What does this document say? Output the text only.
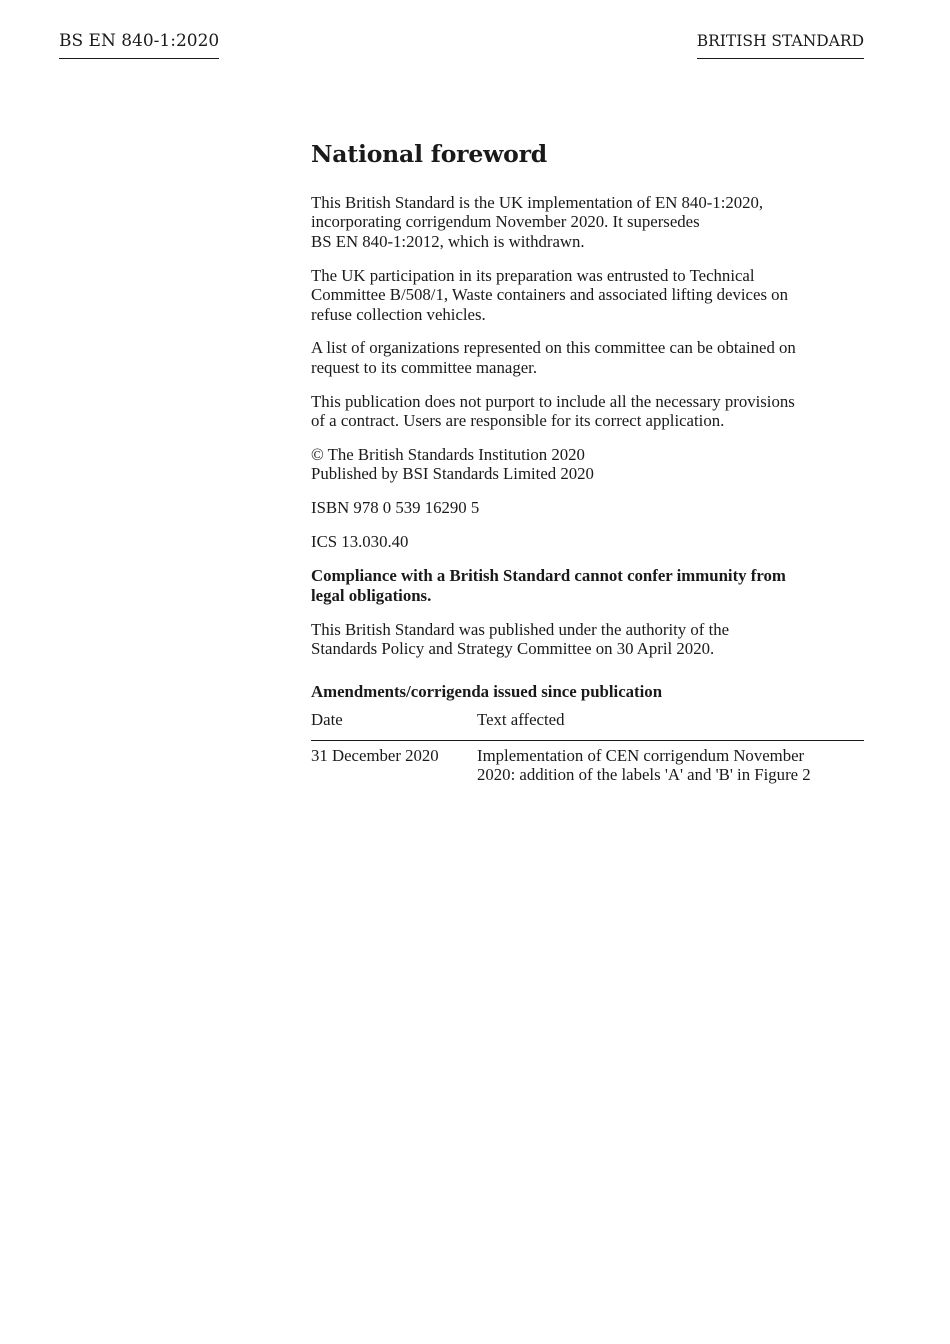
BS EN 840-1:2020	BRITISH STANDARD
National foreword
This British Standard is the UK implementation of EN 840-1:2020,
incorporating corrigendum November 2020. It supersedes
BS EN 840-1:2012, which is withdrawn.
The UK participation in its preparation was entrusted to Technical
Committee B/508/1, Waste containers and associated lifting devices on
refuse collection vehicles.
A list of organizations represented on this committee can be obtained on
request to its committee manager.
This publication does not purport to include all the necessary provisions
of a contract. Users are responsible for its correct application.
© The British Standards Institution 2020
Published by BSI Standards Limited 2020
ISBN 978 0 539 16290 5
ICS 13.030.40
Compliance with a British Standard cannot confer immunity from
legal obligations.
This British Standard was published under the authority of the
Standards Policy and Strategy Committee on 30 April 2020.
Amendments/corrigenda issued since publication
Date	Text affected
31 December 2020	Implementation of CEN corrigendum November
2020: addition of the labels 'A' and 'B' in Figure 2
